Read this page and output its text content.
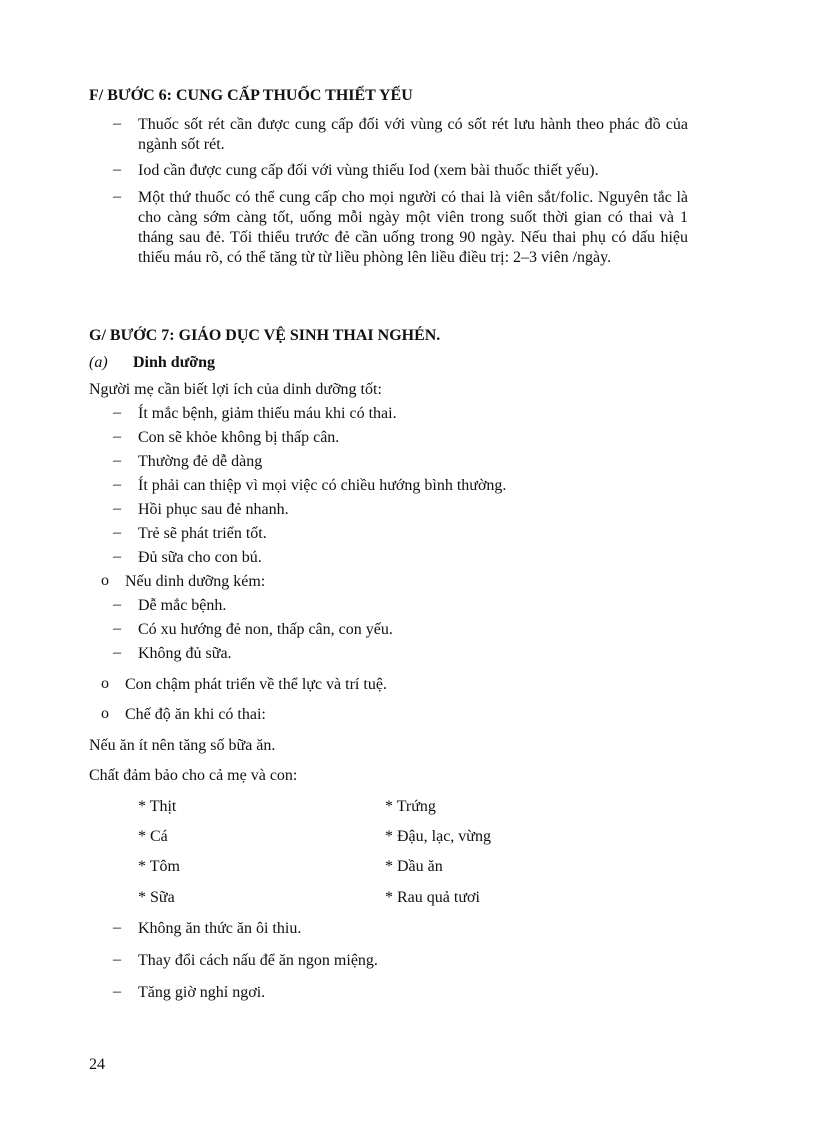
F/ BƯỚC 6: CUNG CẤP THUỐC THIẾT YẾU
– Thuốc sốt rét cần được cung cấp đối với vùng có sốt rét lưu hành theo phác đồ của ngành sốt rét.
– Iod cần được cung cấp đối với vùng thiếu Iod (xem bài thuốc thiết yếu).
– Một thứ thuốc có thể cung cấp cho mọi người có thai là viên sắt/folic. Nguyên tắc là cho càng sớm càng tốt, uống mỗi ngày một viên trong suốt thời gian có thai và 1 tháng sau đẻ. Tối thiểu trước đẻ cần uống trong 90 ngày. Nếu thai phụ có dấu hiệu thiếu máu rõ, có thể tăng từ từ liều phòng lên liều điều trị: 2–3 viên /ngày.
G/ BƯỚC 7: GIÁO DỤC VỆ SINH THAI NGHÉN.
(a) Dinh dưỡng
Người mẹ cần biết lợi ích của dinh dưỡng tốt:
– Ít mắc bệnh, giảm thiếu máu khi có thai.
– Con sẽ khỏe không bị thấp cân.
– Thường đẻ dễ dàng
– Ít phải can thiệp vì mọi việc có chiều hướng bình thường.
– Hồi phục sau đẻ nhanh.
– Trẻ sẽ phát triển tốt.
– Đủ sữa cho con bú.
o Nếu dinh dưỡng kém:
– Dễ mắc bệnh.
– Có xu hướng đẻ non, thấp cân, con yếu.
– Không đủ sữa.
o Con chậm phát triển về thể lực và trí tuệ.
o Chế độ ăn khi có thai:
Nếu ăn ít nên tăng số bữa ăn.
Chất đảm bảo cho cả mẹ và con:
* Thịt	* Trứng
* Cá	* Đậu, lạc, vừng
* Tôm	* Dầu ăn
* Sữa	* Rau quả tươi
– Không ăn thức ăn ôi thiu.
– Thay đổi cách nấu để ăn ngon miệng.
– Tăng giờ nghỉ ngơi.
24
